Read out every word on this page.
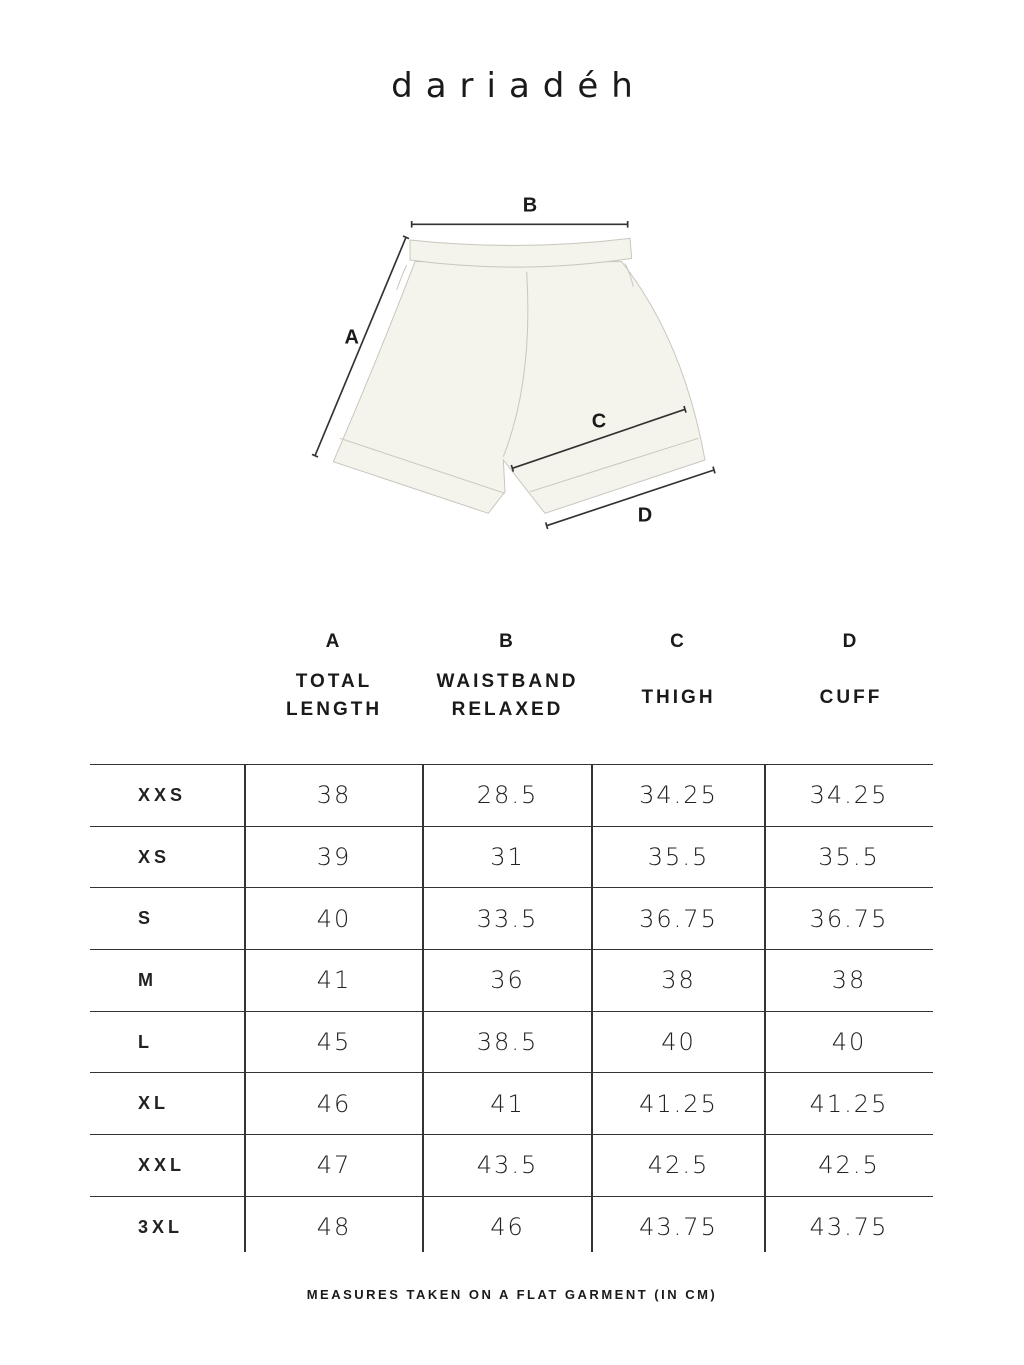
dariadéh
B
A
C
D
A
TOTAL
LENGTH
B
WAISTBAND
RELAXED
C
THIGH
D
CUFF
XXS	38	28.5	34.25	34.25
XS	39	31	35.5	35.5
S	40	33.5	36.75	36.75
M	41	36	38	38
L	45	38.5	40	40
XL	46	41	41.25	41.25
XXL	47	43.5	42.5	42.5
3XL	48	46	43.75	43.75
MEASURES TAKEN ON A FLAT GARMENT (IN CM)
